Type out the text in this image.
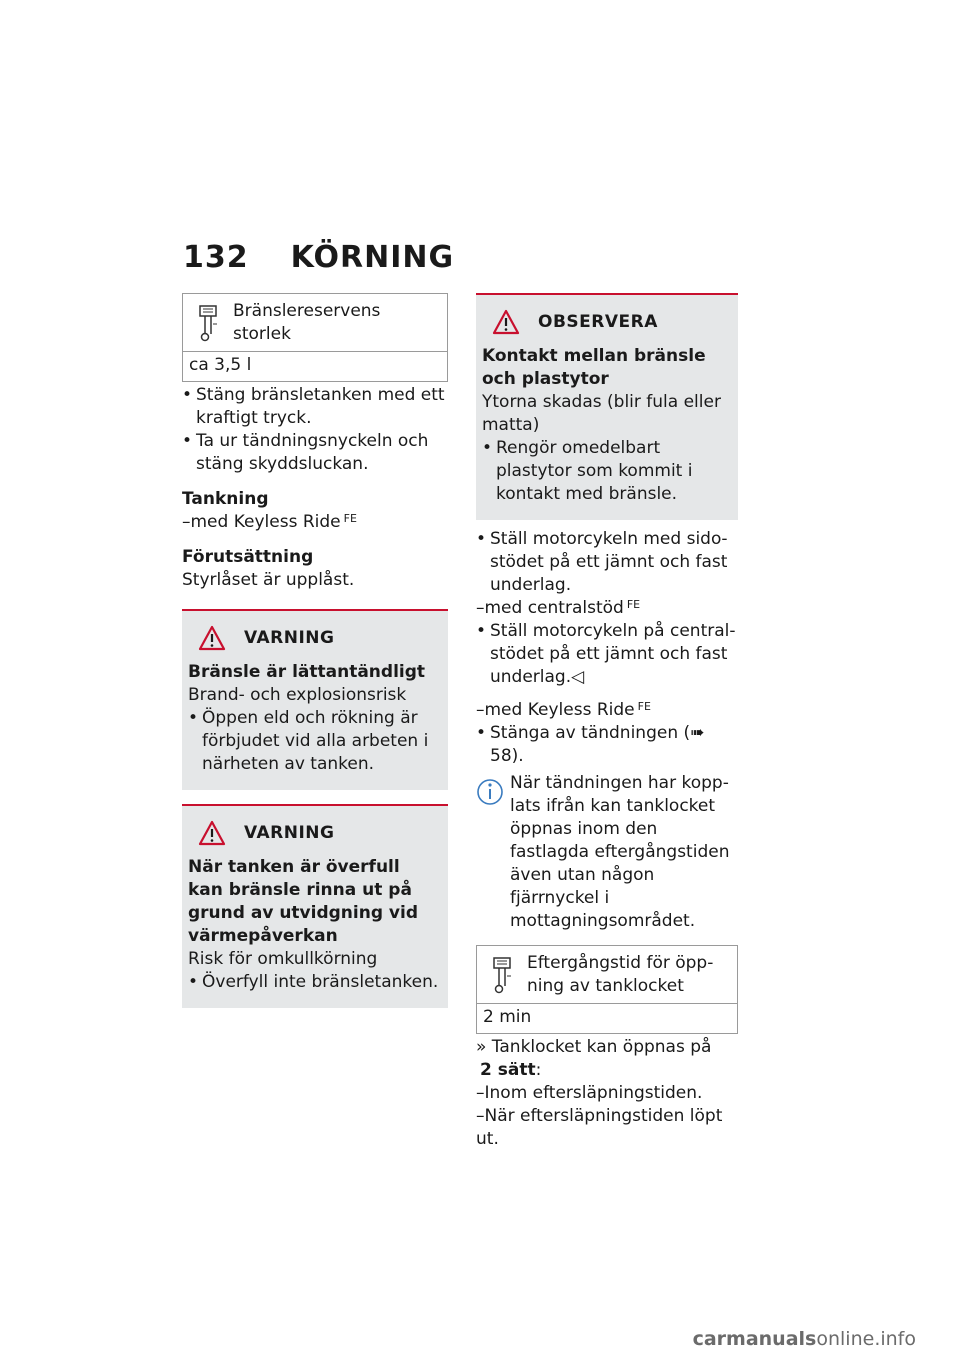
132 KÖRNING
Bränslereservens storlek
ca 3,5 l

• Stäng bränsletanken med ett kraftigt tryck.

• Ta ur tändningsnyckeln och stäng skyddsluckan.

Tankning

–med Keyless Ride $^{FE}$

Förutsättning

Styrlåset är upplåst.

VARNING

Bränsle är lättantändligt

Brand- och explosionsrisk

• Öppen eld och rökning är förbjudet vid alla arbeten i närheten av tanken.

VARNING

När tanken är överfull kan bränsle rinna ut på grund av utvidgning vid värmepåverkan

Risk för omkullkörning

• Överfyll inte bränsletanken.

OBSERVERA

Kontakt mellan bränsle och plastytor

Ytorna skadas (blir fula eller matta)

• Rengör omedelbart plastytor som kommit i kontakt med bränsle.

• Ställ motorcykeln med sidostödet på ett jämnt och fast underlag.

–med centralstöd $^{FE}$

• Ställ motorcykeln på centralstödet på ett jämnt och fast underlag.◁

–med Keyless Ride $^{FE}$

• Stänga av tändningen (➠ 58).

När tändningen har kopplats ifrån kan tanklocket öppnas inom den fastlagda eftergångstiden även utan någon fjärrnyckel i mottagningsområdet.

Eftergångstid för öppning av tanklocket
2 min

» Tanklocket kan öppnas på
2 sätt:

–Inom eftersläpningstiden.

–När eftersläpningstiden löpt ut.

carmanualsonline.info
